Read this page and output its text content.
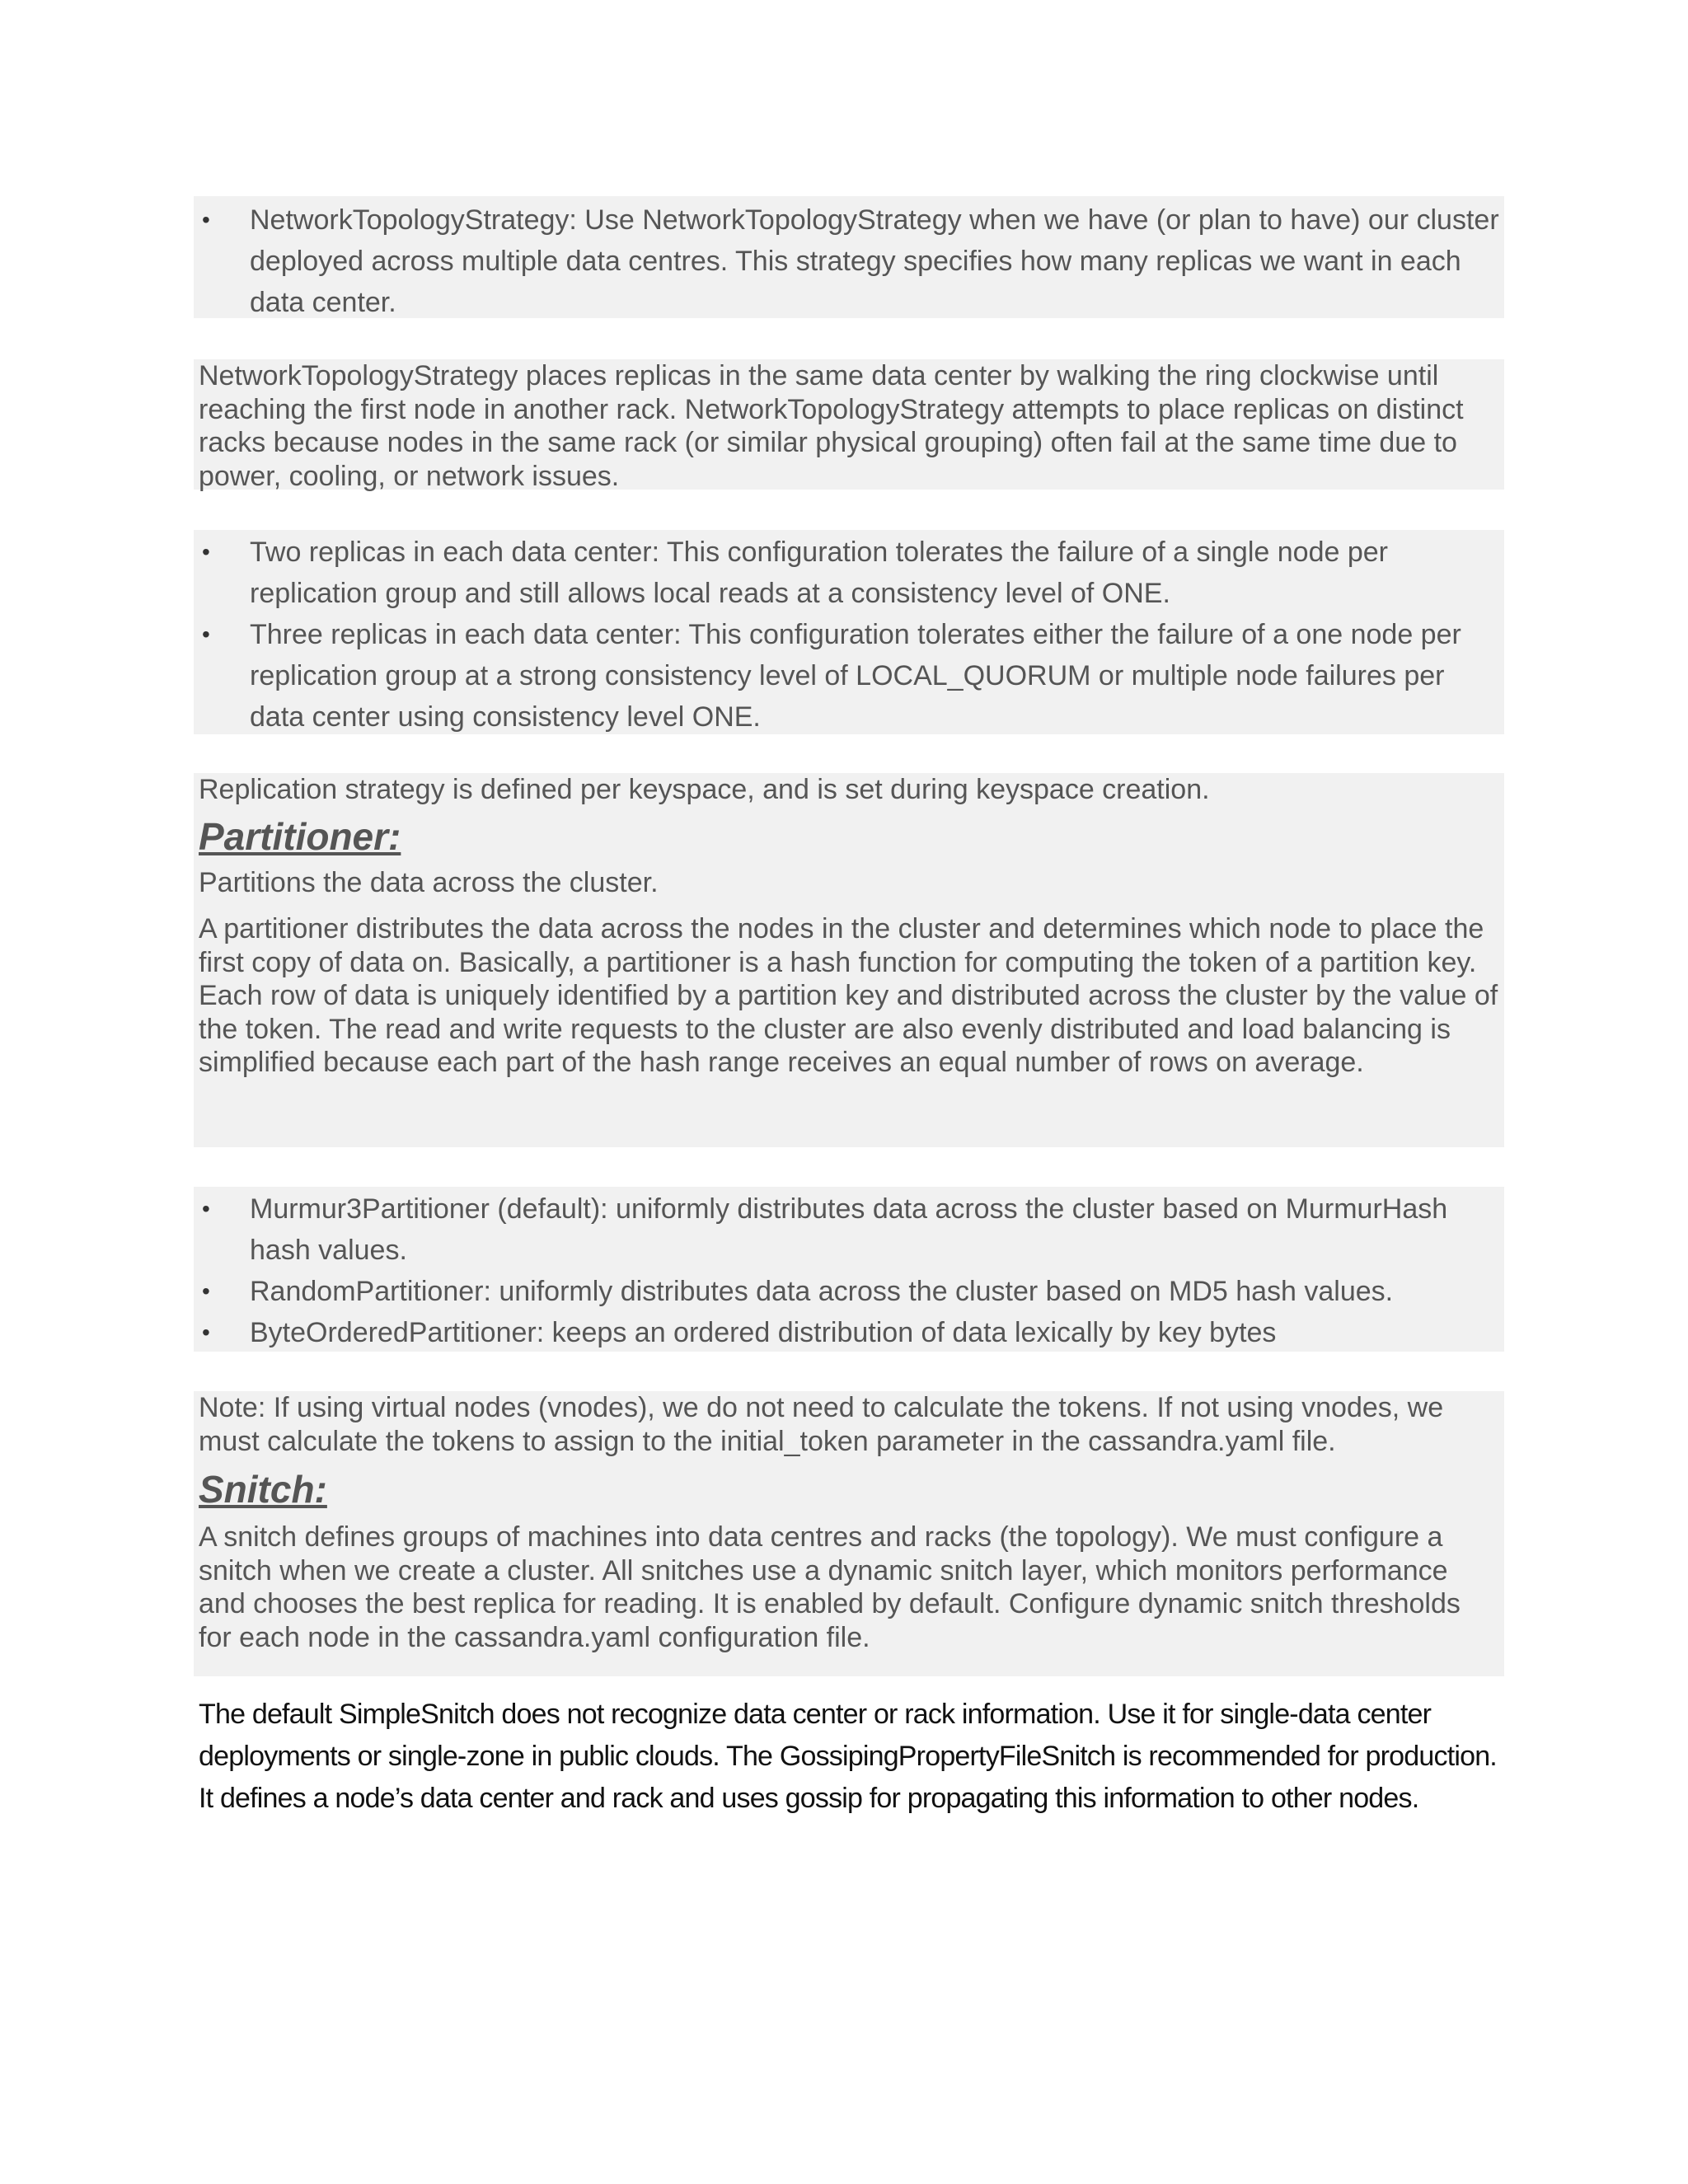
• NetworkTopologyStrategy: Use NetworkTopologyStrategy when we have (or plan to have) our cluster deployed across multiple data centres. This strategy specifies how many replicas we want in each data center.

NetworkTopologyStrategy places replicas in the same data center by walking the ring clockwise until reaching the first node in another rack. NetworkTopologyStrategy attempts to place replicas on distinct racks because nodes in the same rack (or similar physical grouping) often fail at the same time due to power, cooling, or network issues.

• Two replicas in each data center: This configuration tolerates the failure of a single node per replication group and still allows local reads at a consistency level of ONE.
• Three replicas in each data center: This configuration tolerates either the failure of a one node per replication group at a strong consistency level of LOCAL_QUORUM or multiple node failures per data center using consistency level ONE.

Replication strategy is defined per keyspace, and is set during keyspace creation.

Partitioner:

Partitions the data across the cluster.

A partitioner distributes the data across the nodes in the cluster and determines which node to place the first copy of data on. Basically, a partitioner is a hash function for computing the token of a partition key. Each row of data is uniquely identified by a partition key and distributed across the cluster by the value of the token. The read and write requests to the cluster are also evenly distributed and load balancing is simplified because each part of the hash range receives an equal number of rows on average.

• Murmur3Partitioner (default): uniformly distributes data across the cluster based on MurmurHash hash values.
• RandomPartitioner: uniformly distributes data across the cluster based on MD5 hash values.
• ByteOrderedPartitioner: keeps an ordered distribution of data lexically by key bytes

Note: If using virtual nodes (vnodes), we do not need to calculate the tokens. If not using vnodes, we must calculate the tokens to assign to the initial_token parameter in the cassandra.yaml file.

Snitch:

A snitch defines groups of machines into data centres and racks (the topology). We must configure a snitch when we create a cluster. All snitches use a dynamic snitch layer, which monitors performance and chooses the best replica for reading. It is enabled by default. Configure dynamic snitch thresholds for each node in the cassandra.yaml configuration file.

The default SimpleSnitch does not recognize data center or rack information. Use it for single-data center deployments or single-zone in public clouds. The GossipingPropertyFileSnitch is recommended for production. It defines a node’s data center and rack and uses gossip for propagating this information to other nodes.
